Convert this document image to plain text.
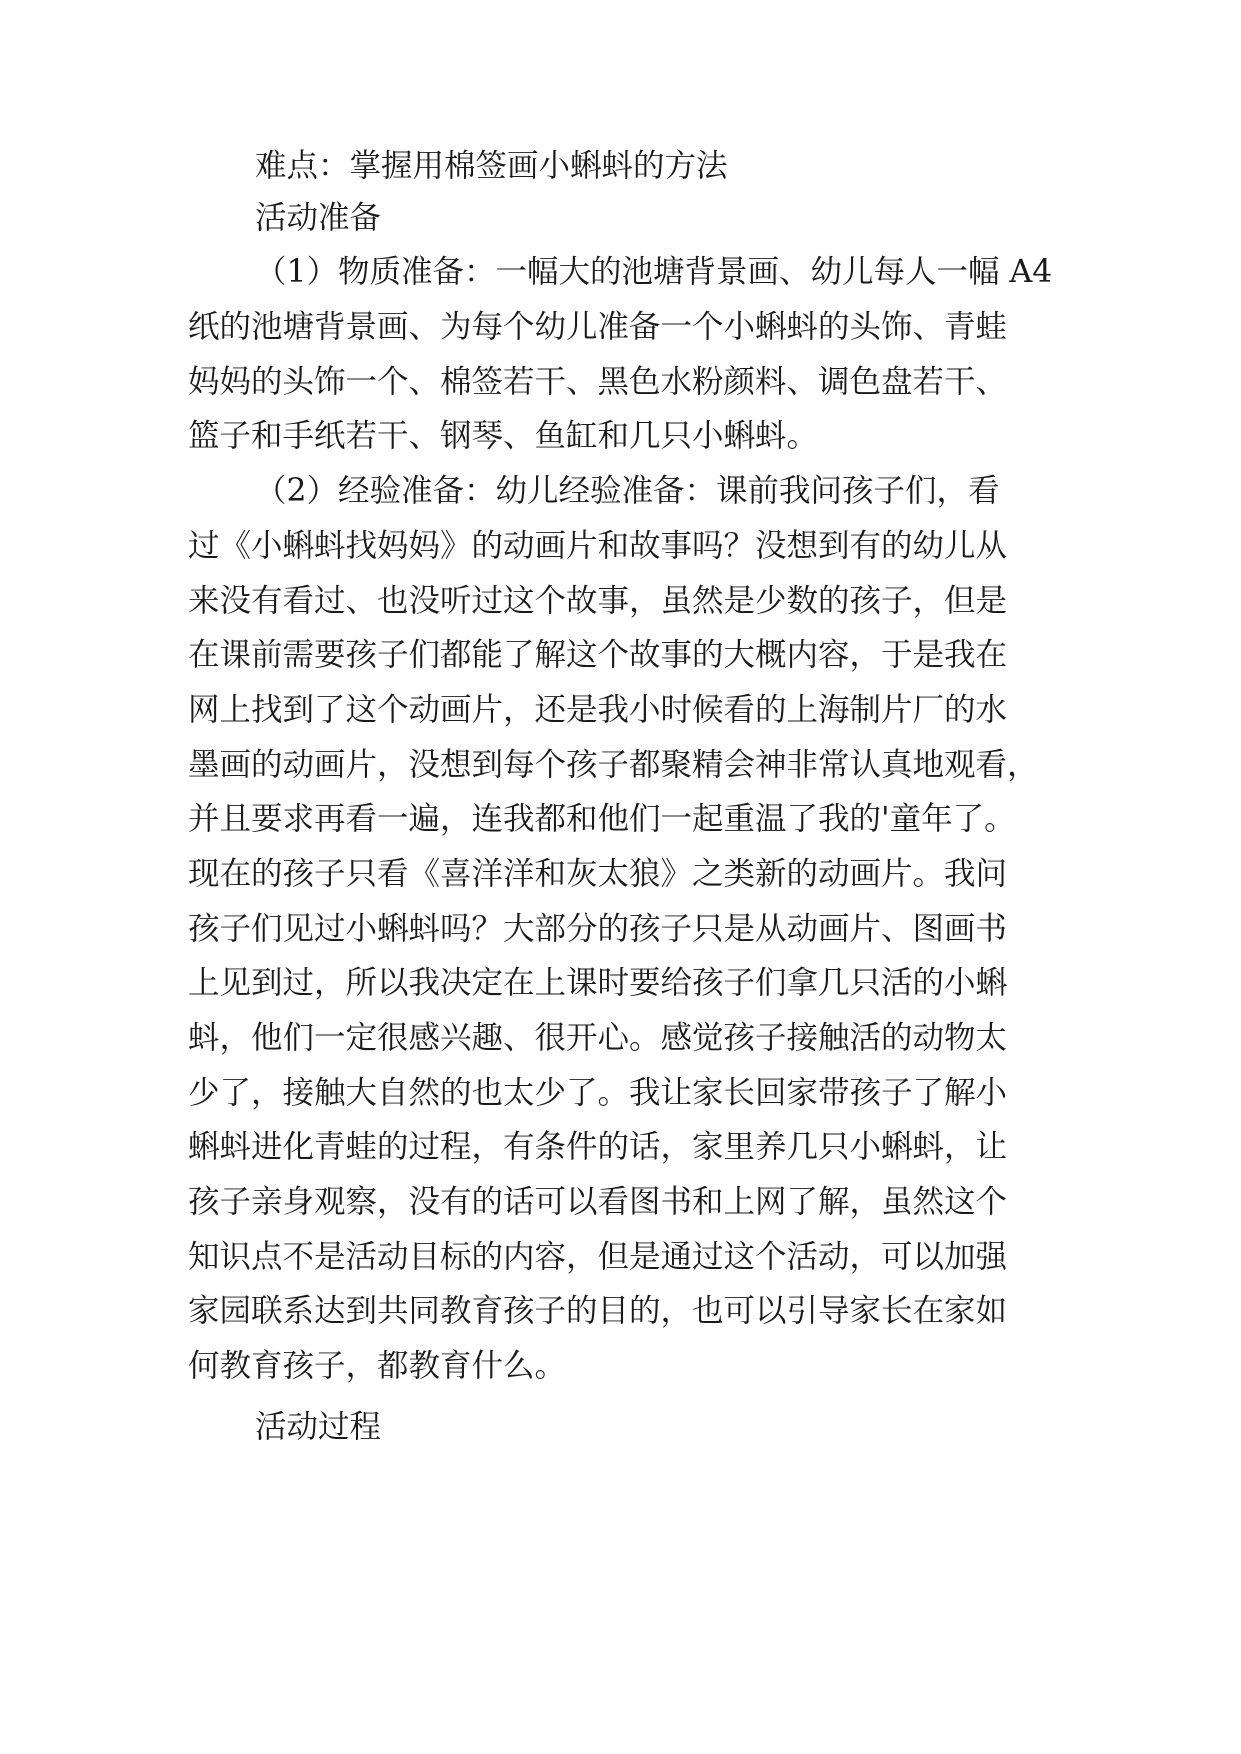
难点：掌握用棉签画小蝌蚪的方法
活动准备
（1）物质准备：一幅大的池塘背景画、幼儿每人一幅 A4
纸的池塘背景画、为每个幼儿准备一个小蝌蚪的头饰、青蛙
妈妈的头饰一个、棉签若干、黑色水粉颜料、调色盘若干、
篮子和手纸若干、钢琴、鱼缸和几只小蝌蚪。
（2）经验准备：幼儿经验准备：课前我问孩子们，看
过《小蝌蚪找妈妈》的动画片和故事吗？没想到有的幼儿从
来没有看过、也没听过这个故事，虽然是少数的孩子，但是
在课前需要孩子们都能了解这个故事的大概内容，于是我在
网上找到了这个动画片，还是我小时候看的上海制片厂的水
墨画的动画片，没想到每个孩子都聚精会神非常认真地观看，
并且要求再看一遍，连我都和他们一起重温了我的'童年了。
现在的孩子只看《喜洋洋和灰太狼》之类新的动画片。我问
孩子们见过小蝌蚪吗？大部分的孩子只是从动画片、图画书
上见到过，所以我决定在上课时要给孩子们拿几只活的小蝌
蚪，他们一定很感兴趣、很开心。感觉孩子接触活的动物太
少了，接触大自然的也太少了。我让家长回家带孩子了解小
蝌蚪进化青蛙的过程，有条件的话，家里养几只小蝌蚪，让
孩子亲身观察，没有的话可以看图书和上网了解，虽然这个
知识点不是活动目标的内容，但是通过这个活动，可以加强
家园联系达到共同教育孩子的目的，也可以引导家长在家如
何教育孩子，都教育什么。
活动过程
